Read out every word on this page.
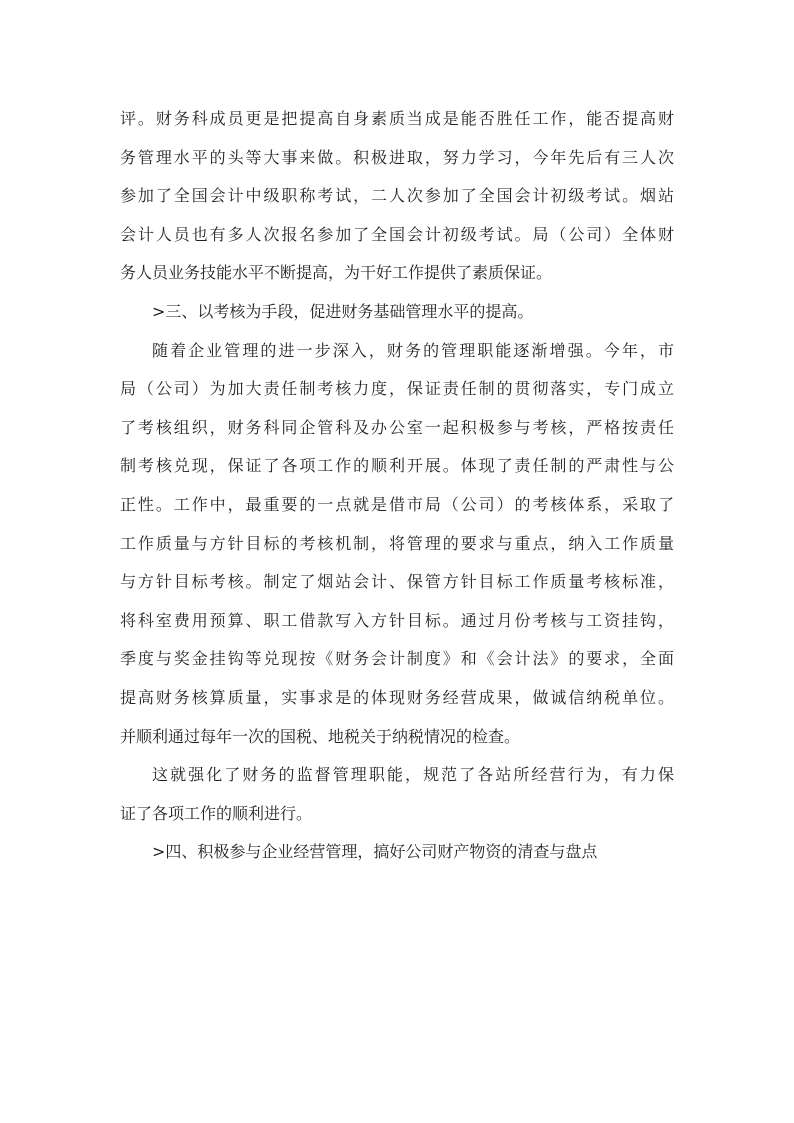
评。财务科成员更是把提高自身素质当成是能否胜任工作，能否提高财
务管理水平的头等大事来做。积极进取，努力学习，今年先后有三人次
参加了全国会计中级职称考试，二人次参加了全国会计初级考试。烟站
会计人员也有多人次报名参加了全国会计初级考试。局（公司）全体财
务人员业务技能水平不断提高，为干好工作提供了素质保证。
>三、以考核为手段，促进财务基础管理水平的提高。
随着企业管理的进一步深入，财务的管理职能逐渐增强。今年，市
局（公司）为加大责任制考核力度，保证责任制的贯彻落实，专门成立
了考核组织，财务科同企管科及办公室一起积极参与考核，严格按责任
制考核兑现，保证了各项工作的顺利开展。体现了责任制的严肃性与公
正性。工作中，最重要的一点就是借市局（公司）的考核体系，采取了
工作质量与方针目标的考核机制，将管理的要求与重点，纳入工作质量
与方针目标考核。制定了烟站会计、保管方针目标工作质量考核标准，
将科室费用预算、职工借款写入方针目标。通过月份考核与工资挂钩，
季度与奖金挂钩等兑现按《财务会计制度》和《会计法》的要求，全面
提高财务核算质量，实事求是的体现财务经营成果，做诚信纳税单位。
并顺利通过每年一次的国税、地税关于纳税情况的检查。
这就强化了财务的监督管理职能，规范了各站所经营行为，有力保
证了各项工作的顺利进行。
>四、积极参与企业经营管理，搞好公司财产物资的清查与盘点
